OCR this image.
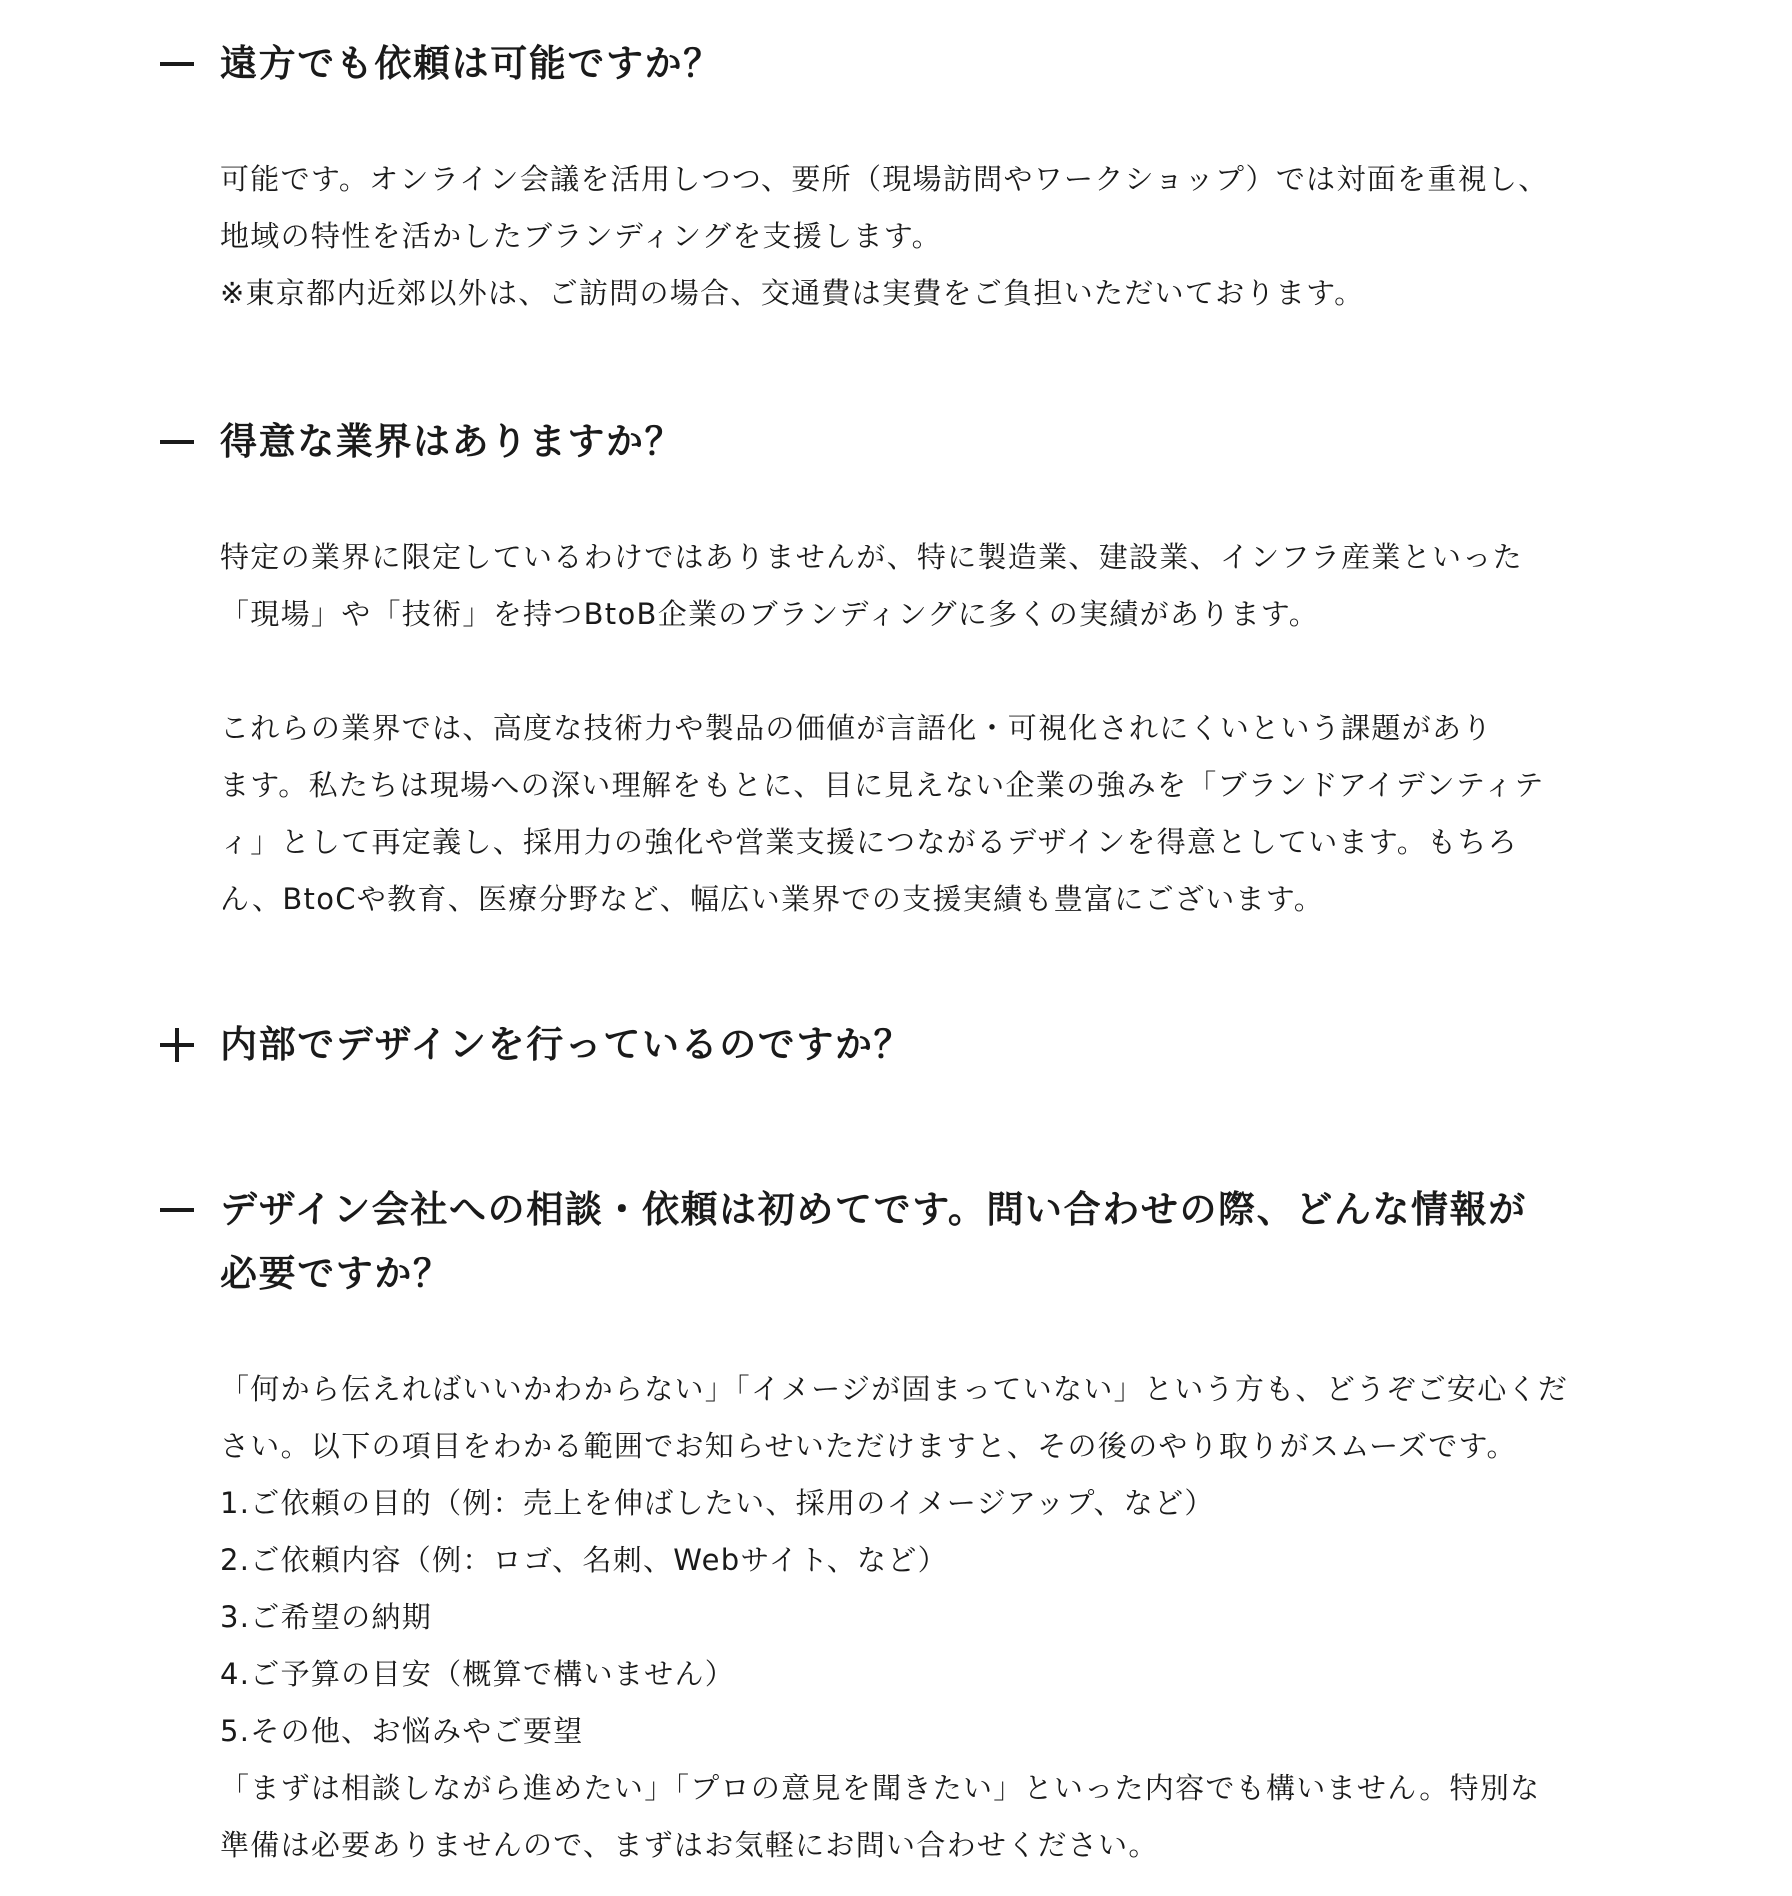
遠方でも依頼は可能ですか？

可能です。オンライン会議を活用しつつ、要所（現場訪問やワークショップ）では対面を重視し、
地域の特性を活かしたブランディングを支援します。
※東京都内近郊以外は、ご訪問の場合、交通費は実費をご負担いただいております。

得意な業界はありますか？

特定の業界に限定しているわけではありませんが、特に製造業、建設業、インフラ産業といった
「現場」や「技術」を持つBtoB企業のブランディングに多くの実績があります。

これらの業界では、高度な技術力や製品の価値が言語化・可視化されにくいという課題があり
ます。私たちは現場への深い理解をもとに、目に見えない企業の強みを「ブランドアイデンティテ
ィ」として再定義し、採用力の強化や営業支援につながるデザインを得意としています。もちろ
ん、BtoCや教育、医療分野など、幅広い業界での支援実績も豊富にございます。

内部でデザインを行っているのですか？
デザイン会社への相談・依頼は初めてです。問い合わせの際、どんな情報が
必要ですか？

「何から伝えればいいかわからない」「イメージが固まっていない」という方も、どうぞご安心くだ
さい。以下の項目をわかる範囲でお知らせいただけますと、その後のやり取りがスムーズです。
1.ご依頼の目的（例：売上を伸ばしたい、採用のイメージアップ、など）
2.ご依頼内容（例：ロゴ、名刺、Webサイト、など）
3.ご希望の納期
4.ご予算の目安（概算で構いません）
5.その他、お悩みやご要望
「まずは相談しながら進めたい」「プロの意見を聞きたい」といった内容でも構いません。特別な
準備は必要ありませんので、まずはお気軽にお問い合わせください。
